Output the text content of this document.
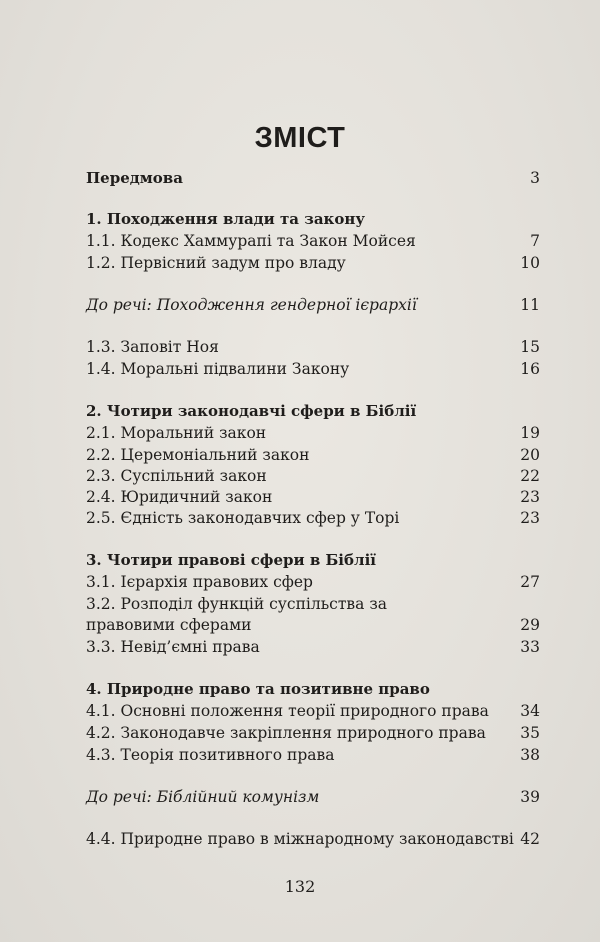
ЗМІСТ
Передмова	3
1. Походження влади та закону
1.1. Кодекс Хаммурапі та Закон Мойсея	7
1.2. Первісний задум про владу	10
До речі: Походження гендерної ієрархії	11
1.3. Заповіт Ноя	15
1.4. Моральні підвалини Закону	16
2. Чотири законодавчі сфери в Біблії
2.1. Моральний закон	19
2.2. Церемоніальний закон	20
2.3. Суспільний закон	22
2.4. Юридичний закон	23
2.5. Єдність законодавчих сфер у Торі	23
3. Чотири правові сфери в Біблії
3.1. Ієрархія правових сфер	27
3.2. Розподіл функцій суспільства за
правовими сферами	29
3.3. Невід’ємні права	33
4. Природне право та позитивне право
4.1. Основні положення теорії природного права 34
4.2. Законодавче закріплення природного права 35
4.3. Теорія позитивного права	38
До речі: Біблійний комунізм	39
4.4. Природне право в міжнародному законодавстві 42
132
